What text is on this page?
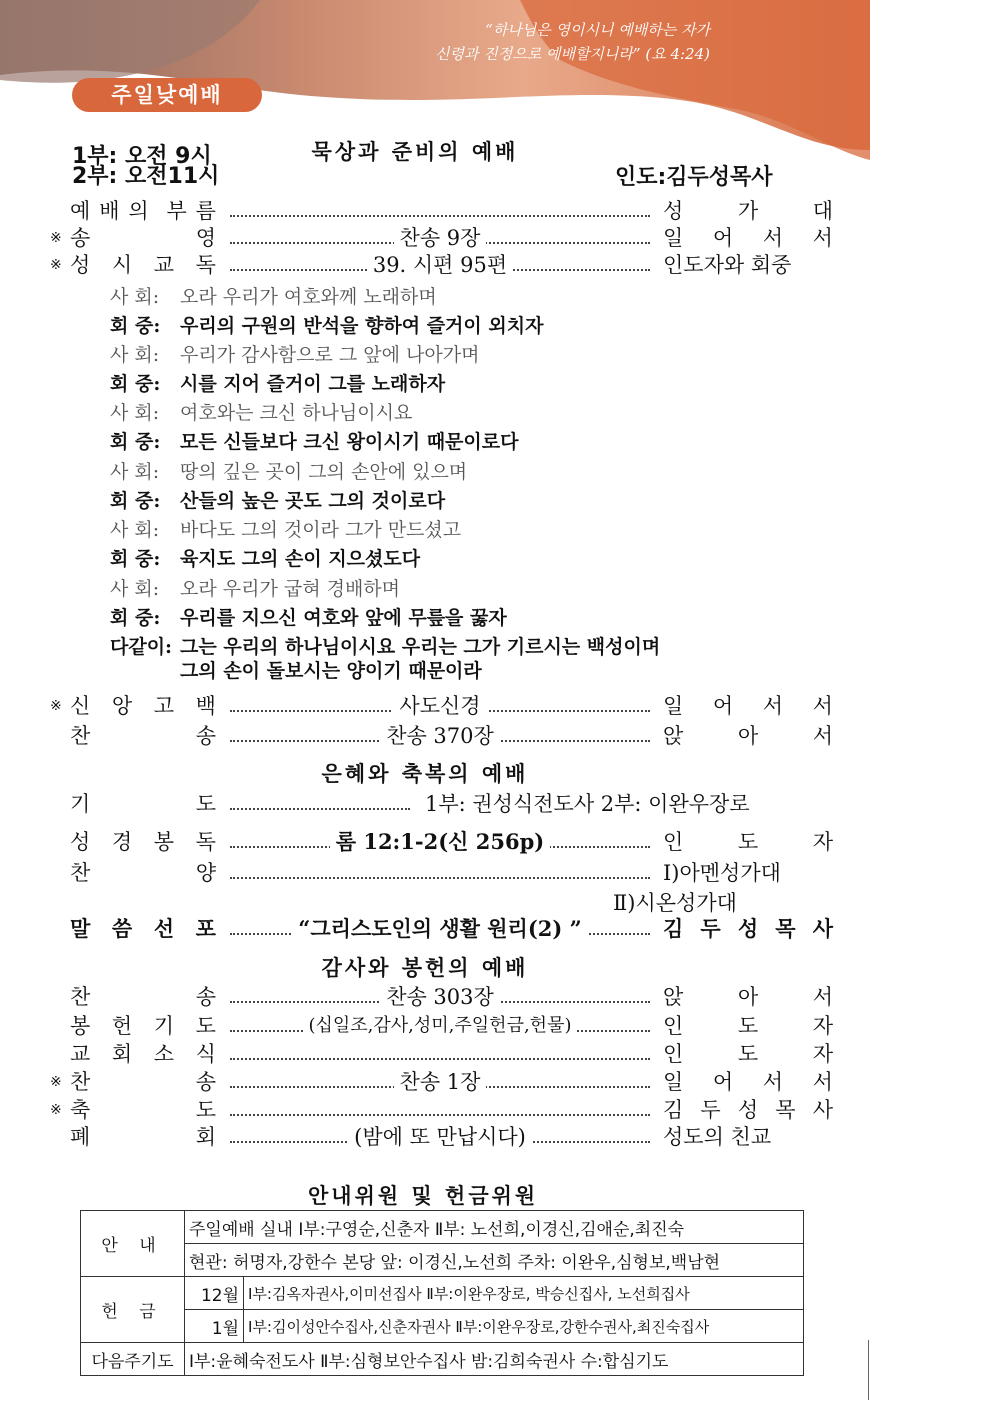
“하나님은 영이시니 예배하는 자가
신령과 진정으로 예배할지니라” (요 4:24)
주일낮예배
1부: 오전 9시
2부: 오전11시
묵상과 준비의 예배
인도:김두성목사
예 배 의 부 름	성	가	대
※ 송	영	찬송 9장	일 어 서 서
※ 성 시 교 독	39. 시편 95편	인도자와 회중
사 회: 오라 우리가 여호와께 노래하며
회 중: 우리의 구원의 반석을 향하여 즐거이 외치자
사 회: 우리가 감사함으로 그 앞에 나아가며
회 중: 시를 지어 즐거이 그를 노래하자
사 회: 여호와는 크신 하나님이시요
회 중: 모든 신들보다 크신 왕이시기 때문이로다
사 회: 땅의 깊은 곳이 그의 손안에 있으며
회 중: 산들의 높은 곳도 그의 것이로다
사 회: 바다도 그의 것이라 그가 만드셨고
회 중: 육지도 그의 손이 지으셨도다
사 회: 오라 우리가 굽혀 경배하며
회 중: 우리를 지으신 여호와 앞에 무릎을 꿇자
다같이: 그는 우리의 하나님이시요 우리는 그가 기르시는 백성이며
그의 손이 돌보시는 양이기 때문이라
※ 신 앙 고 백	사도신경	일 어 서 서
찬	송	찬송 370장	앉	아	서
은혜와 축복의 예배
기	도	1부: 권성식전도사 2부: 이완우장로
성 경 봉 독	롬 12:1-2(신 256p)	인	도	자
찬	양	Ⅰ)아멘성가대
Ⅱ)시온성가대
말 씀 선 포	“그리스도인의 생활 원리(2) ”	김 두 성 목 사
감사와 봉헌의 예배
찬	송	찬송 303장	앉	아	서
봉 헌 기 도	(십일조,감사,성미,주일헌금,헌물)	인	도	자
교 회 소 식	인	도	자
※ 찬	송	찬송 1장	일 어 서 서
※ 축	도	김 두 성 목 사
폐	회	(밤에 또 만납시다)	성도의 친교
안내위원 및 헌금위원
안 내	주일예배 실내 Ⅰ부:구영순,신춘자 Ⅱ부: 노선희,이경신,김애순,최진숙	
	현관: 허명자,강한수 본당 앞: 이경신,노선희 주차: 이완우,심형보,백남현	
헌 금	12월	Ⅰ부:김옥자권사,이미선집사 Ⅱ부:이완우장로, 박승신집사, 노선희집사
	1월	Ⅰ부:김이성안수집사,신춘자권사 Ⅱ부:이완우장로,강한수권사,최진숙집사
다음주기도	Ⅰ부:윤혜숙전도사 Ⅱ부:심형보안수집사 밤:김희숙권사 수:합심기도	
